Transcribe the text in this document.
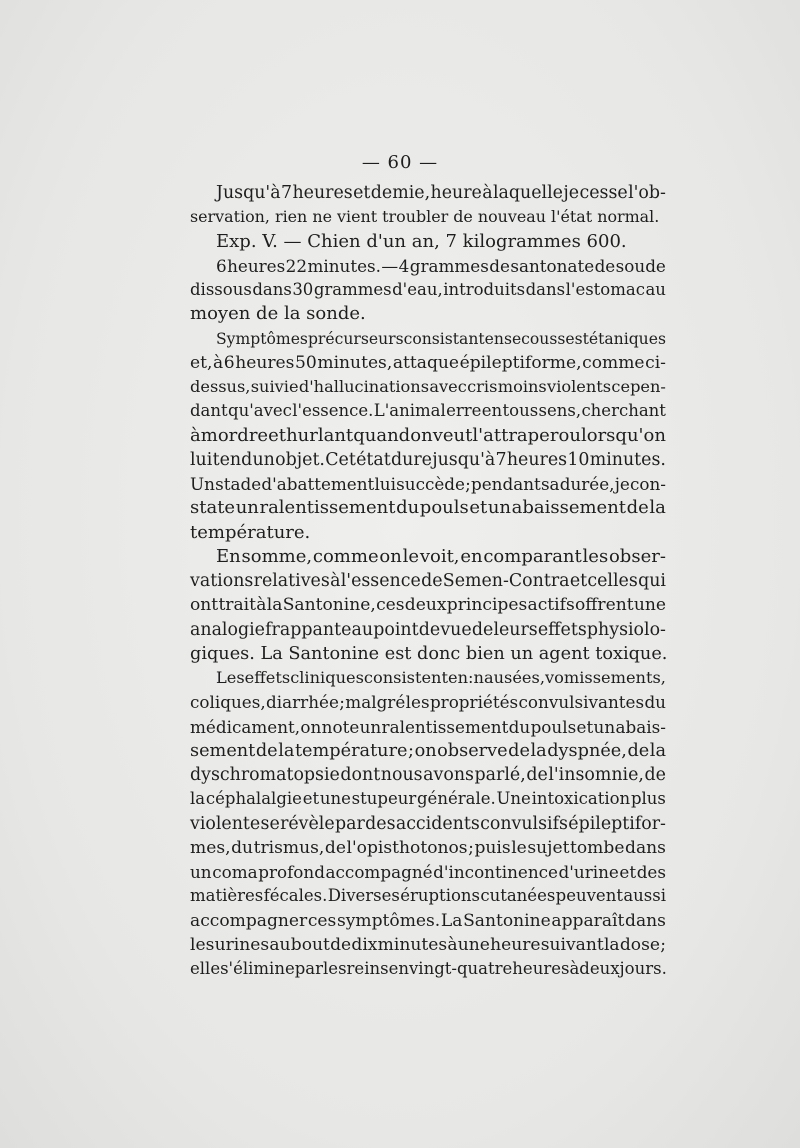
— 60 —
Jusqu'à 7 heures et demie, heure à laquelle je cesse l'ob-
servation, rien ne vient troubler de nouveau l'état normal.
Exp. V. — Chien d'un an, 7 kilogrammes 600.
6 heures 22 minutes. — 4 grammes de santonate de soude
dissous dans 30 grammes d'eau, introduits dans l'estomac au
moyen de la sonde.
Symptômes précurseurs consistant en secousses tétaniques
et, à 6 heures 50 minutes, attaque épileptiforme, comme ci-
dessus, suivie d'hallucinations avec cris moins violents cepen-
dant qu'avec l'essence. L'animal erre en tous sens, cherchant
à mordre et hurlant quand on veut l'attraper ou lorsqu'on
lui tend un objet. Cet état dure jusqu'à 7 heures 10 minutes.
Un stade d'abattement lui succède ; pendant sa durée, je con-
state un ralentissement du pouls et un abaissement de la
température.
En somme, comme on le voit, en comparant les obser-
vations relatives à l'essence de Semen-Contra et celles qui
ont trait à la Santonine, ces deux principes actifs offrent une
analogie frappante au point de vue de leurs effets physiolo-
giques. La Santonine est donc bien un agent toxique.
Les effets cliniques consistent en : nausées, vomissements,
coliques, diarrhée ; malgré les propriétés convulsivantes du
médicament, on note un ralentissement du pouls et un abais-
sement de la température ; on observe de la dyspnée, de la
dyschromatopsie dont nous avons parlé, de l'insomnie, de
la céphalalgie et une stupeur générale. Une intoxication plus
violente se révèle par des accidents convulsifs épileptifor-
mes, du trismus, de l'opisthotonos ; puis le sujet tombe dans
un coma profond accompagné d'incontinence d'urine et des
matières fécales. Diverses éruptions cutanées peuvent aussi
accompagner ces symptômes. La Santonine apparaît dans
les urines au bout de dix minutes à une heure suivant la dose ;
elle s'élimine par les reins en vingt-quatre heures à deux jours.
